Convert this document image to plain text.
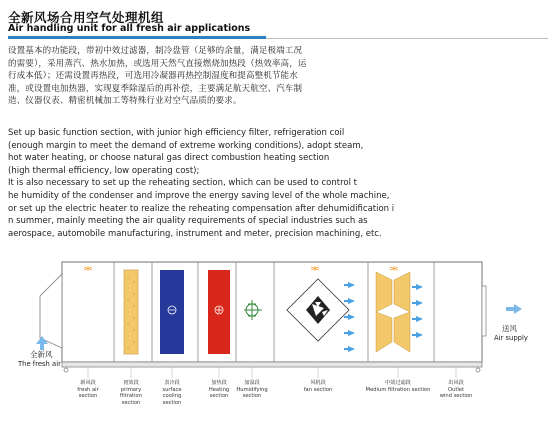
全新风场合用空气处理机组
Air handling unit for all fresh air applications
设置基本的功能段，带初中效过滤器，制冷盘管（足够的余量，满足极端工况的需要），采用蒸汽、热水加热，或选用天然气直接燃烧加热段（热效率高，运行成本低）；还需设置再热段，可选用冷凝器再热控制湿度和提高整机节能水准，或设置电加热器，实现夏季除湿后的再补偿，主要满足航天航空、汽车制造、仪器仪表、精密机械加工等特殊行业对空气品质的要求。
Set up basic function section, with junior high efficiency filter, refrigeration coil
(enough margin to meet the demand of extreme working conditions), adopt steam,
hot water heating, or choose natural gas direct combustion heating section
(high thermal efficiency, low operating cost);
It is also necessary to set up the reheating section, which can be used to control t
he humidity of the condenser and improve the energy saving level of the whole machine,
or set up the electric heater to realize the reheating compensation after dehumidification i
n summer, mainly meeting the air quality requirements of special industries such as
aerospace, automobile manufacturing, instrument and meter, precision machining, etc.
全新风
The fresh air
送风
Air supply
新风段
fresh air
section
初效段
primary
filtration
section
表冷段
surface
cooling
section
加热段
Heating
section
加湿段
Humidifying
section
风机段
fan section
中效过滤段
Medium filtration section
出风段
Outlet
wind section
